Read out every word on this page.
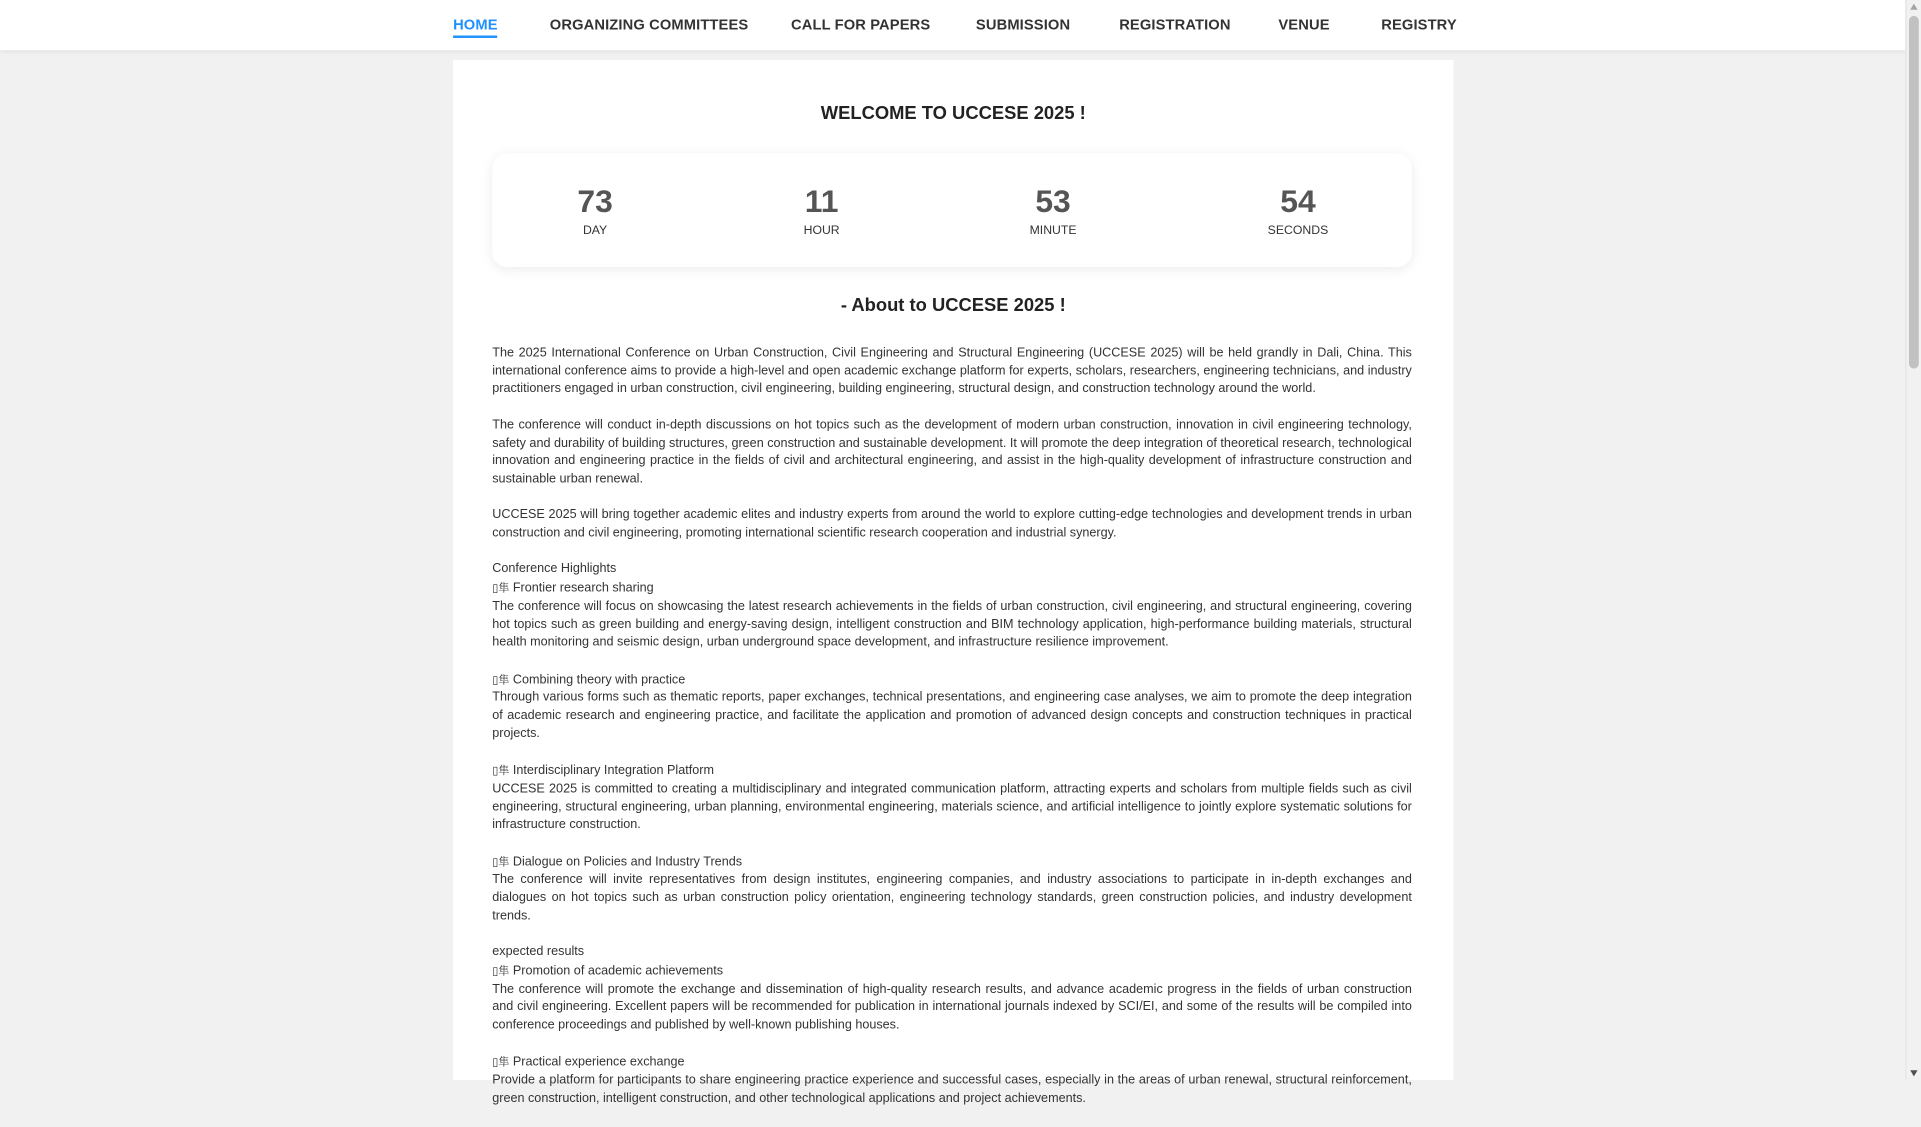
HOME	ORGANIZING COMMITTEES	CALL FOR PAPERS	SUBMISSION	REGISTRATION	VENUE	REGISTRY
WELCOME TO UCCESE 2025 !
73
DAY
11
HOUR
53
MINUTE
54
SECONDS
- About to UCCESE 2025 !

The 2025 International Conference on Urban Construction, Civil Engineering and Structural Engineering (UCCESE 2025) will be held grandly in Dali, China. This international conference aims to provide a high-level and open academic exchange platform for experts, scholars, researchers, engineering technicians, and industry practitioners engaged in urban construction, civil engineering, building engineering, structural design, and construction technology around the world.

The conference will conduct in-depth discussions on hot topics such as the development of modern urban construction, innovation in civil engineering technology, safety and durability of building structures, green construction and sustainable development. It will promote the deep integration of theoretical research, technological innovation and engineering practice in the fields of civil and architectural engineering, and assist in the high-quality development of infrastructure construction and sustainable urban renewal.

UCCESE 2025 will bring together academic elites and industry experts from around the world to explore cutting-edge technologies and development trends in urban construction and civil engineering, promoting international scientific research cooperation and industrial synergy.

Conference Highlights
▯隼 Frontier research sharing
The conference will focus on showcasing the latest research achievements in the fields of urban construction, civil engineering, and structural engineering, covering hot topics such as green building and energy-saving design, intelligent construction and BIM technology application, high-performance building materials, structural health monitoring and seismic design, urban underground space development, and infrastructure resilience improvement.

▯隼 Combining theory with practice
Through various forms such as thematic reports, paper exchanges, technical presentations, and engineering case analyses, we aim to promote the deep integration of academic research and engineering practice, and facilitate the application and promotion of advanced design concepts and construction techniques in practical projects.

▯隼 Interdisciplinary Integration Platform
UCCESE 2025 is committed to creating a multidisciplinary and integrated communication platform, attracting experts and scholars from multiple fields such as civil engineering, structural engineering, urban planning, environmental engineering, materials science, and artificial intelligence to jointly explore systematic solutions for infrastructure construction.

▯隼 Dialogue on Policies and Industry Trends
The conference will invite representatives from design institutes, engineering companies, and industry associations to participate in in-depth exchanges and dialogues on hot topics such as urban construction policy orientation, engineering technology standards, green construction policies, and industry development trends.

expected results
▯隼 Promotion of academic achievements
The conference will promote the exchange and dissemination of high-quality research results, and advance academic progress in the fields of urban construction and civil engineering. Excellent papers will be recommended for publication in international journals indexed by SCI/EI, and some of the results will be compiled into conference proceedings and published by well-known publishing houses.

▯隼 Practical experience exchange
Provide a platform for participants to share engineering practice experience and successful cases, especially in the areas of urban renewal, structural reinforcement, green construction, intelligent construction, and other technological applications and project achievements.
